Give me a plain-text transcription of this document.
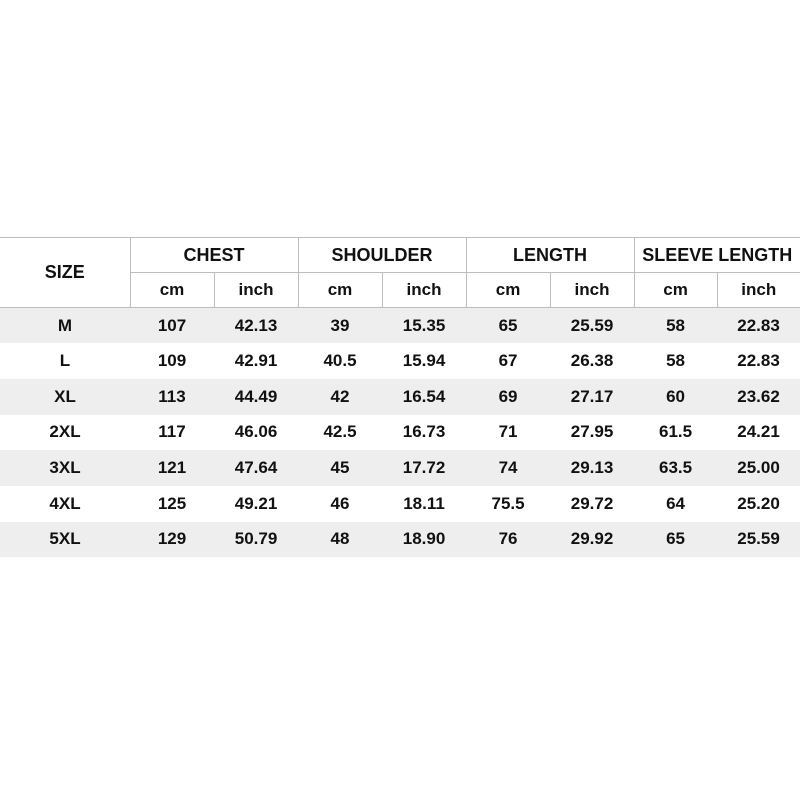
SIZE	CHEST		SHOULDER		LENGTH		SLEEVE LENGTH	
	cm	inch	cm	inch	cm	inch	cm	inch
M	107	42.13	39	15.35	65	25.59	58	22.83
L	109	42.91	40.5	15.94	67	26.38	58	22.83
XL	113	44.49	42	16.54	69	27.17	60	23.62
2XL	117	46.06	42.5	16.73	71	27.95	61.5	24.21
3XL	121	47.64	45	17.72	74	29.13	63.5	25.00
4XL	125	49.21	46	18.11	75.5	29.72	64	25.20
5XL	129	50.79	48	18.90	76	29.92	65	25.59
